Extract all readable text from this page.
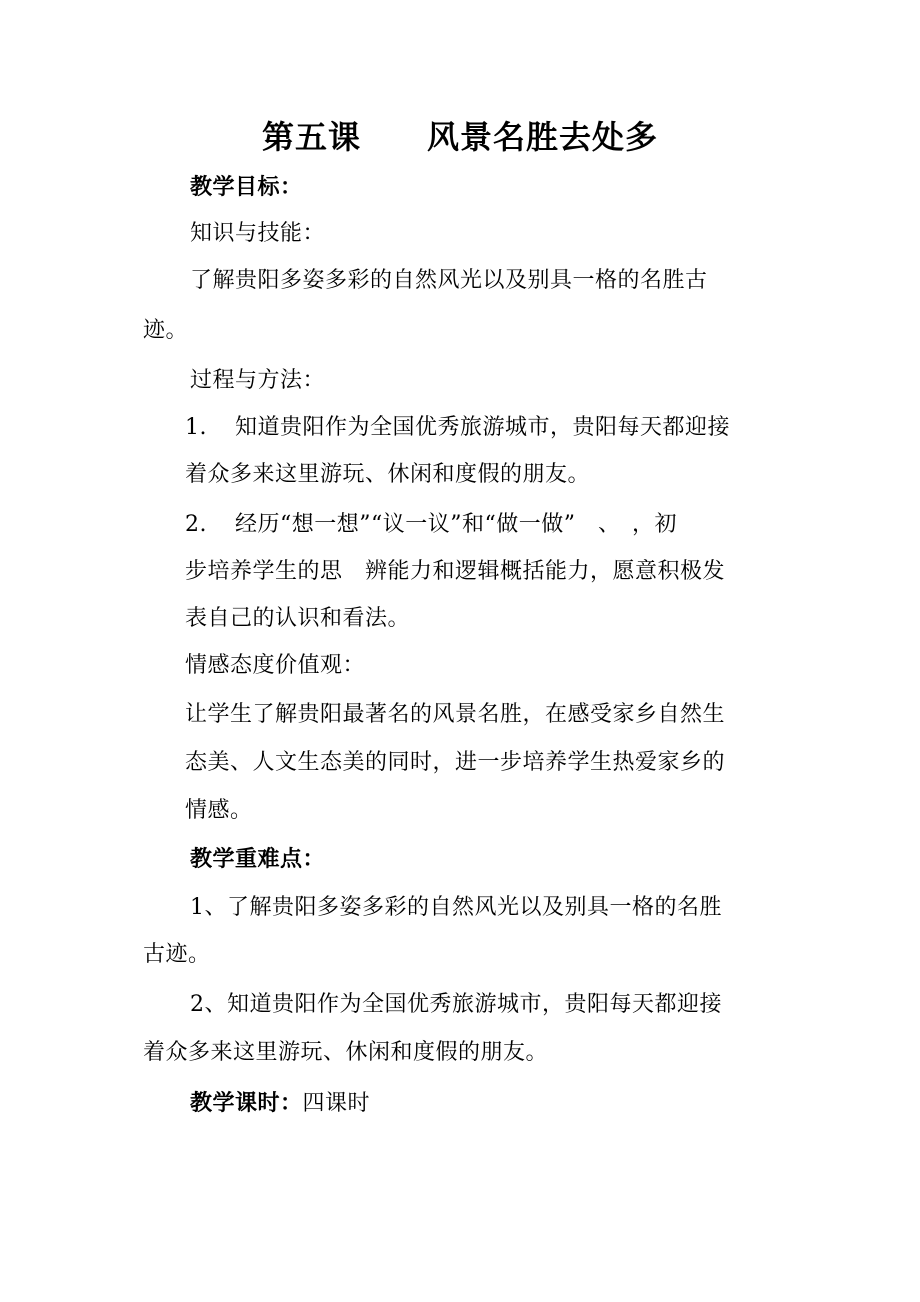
第五课　　风景名胜去处多
教学目标：
知识与技能：
了解贵阳多姿多彩的自然风光以及别具一格的名胜古
迹。
过程与方法：
1. 知道贵阳作为全国优秀旅游城市，贵阳每天都迎接
着众多来这里游玩、休闲和度假的朋友。
2. 经历“想一想”“议一议”和“做一做”　、　，初
步培养学生的思　辨能力和逻辑概括能力，愿意积极发
表自己的认识和看法。
情感态度价值观：
让学生了解贵阳最著名的风景名胜，在感受家乡自然生
态美、人文生态美的同时，进一步培养学生热爱家乡的
情感。
教学重难点：
1、了解贵阳多姿多彩的自然风光以及别具一格的名胜
古迹。
2、知道贵阳作为全国优秀旅游城市，贵阳每天都迎接
着众多来这里游玩、休闲和度假的朋友。
教学课时：四课时
